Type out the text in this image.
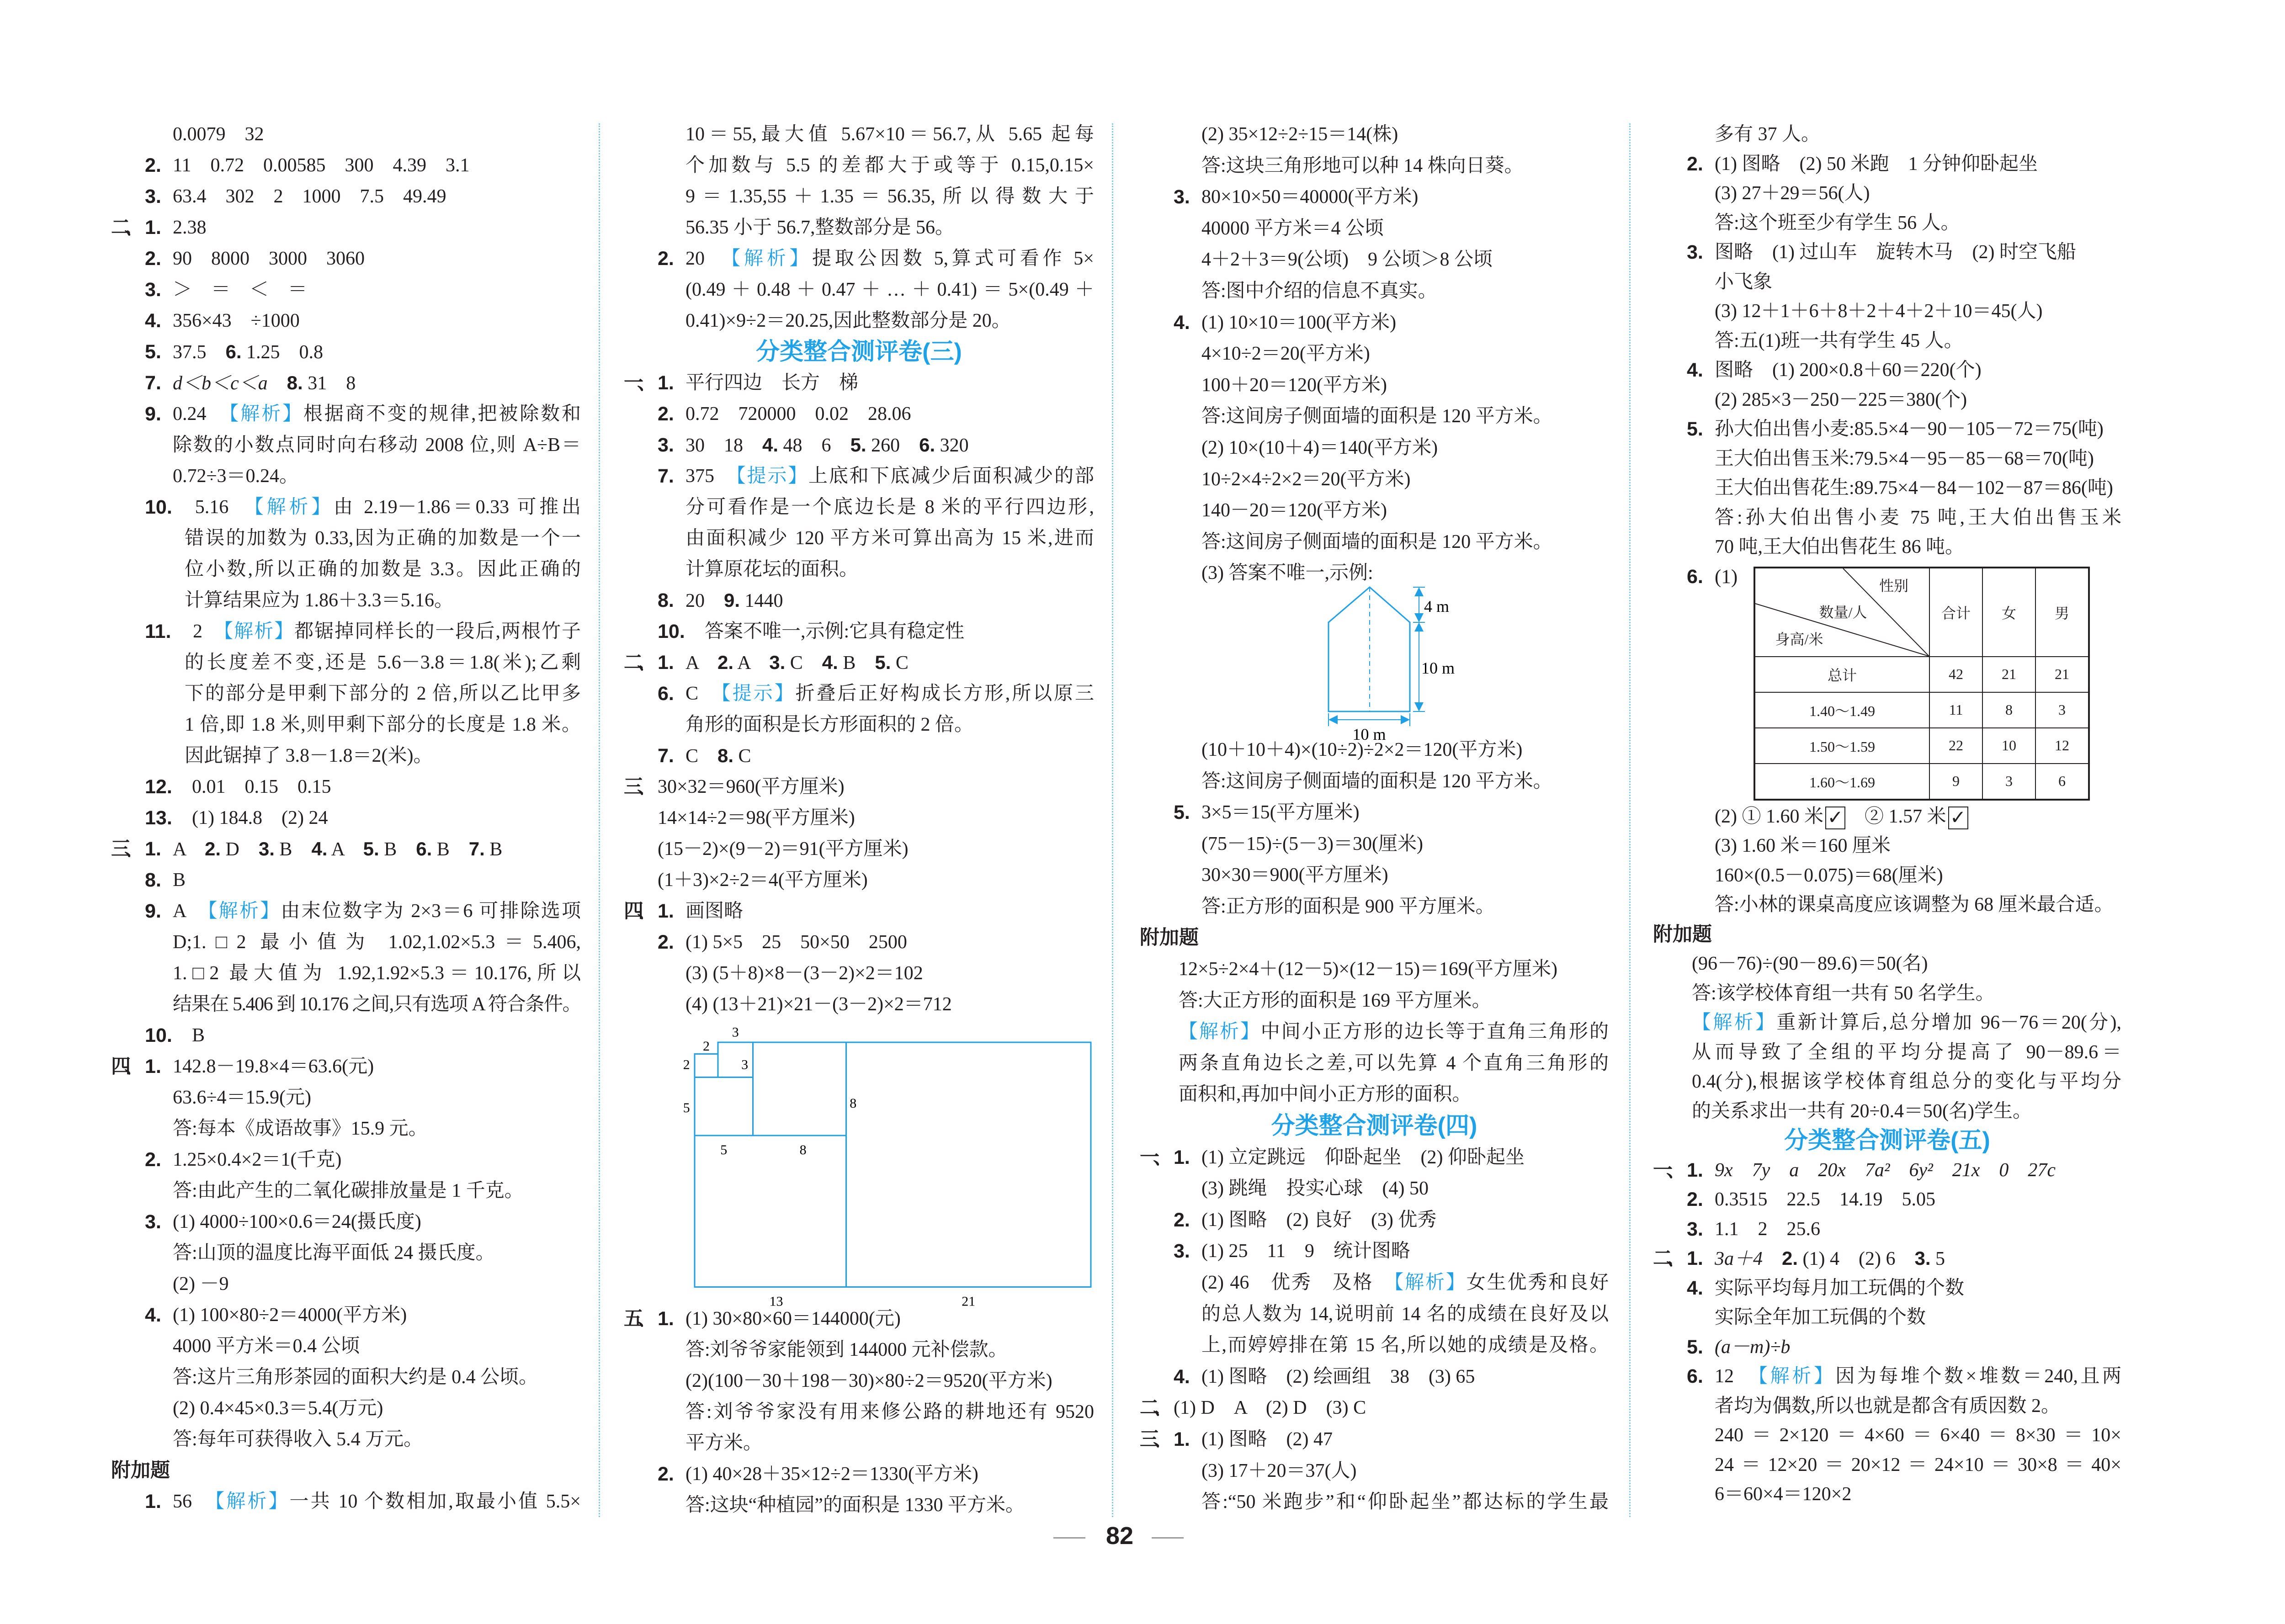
0.0079　32
2. 11　0.72　0.00585　300　4.39　3.1
3. 63.4　302　2　1000　7.5　49.49
二、 1. 2.38
2. 90　8000　3000　3060
3. ＞　＝　＜　＝
4. 356×43　÷1000
5. 37.5　6. 1.25　0.8
7. d＜b＜c＜a　 8. 31　8
9. 0.24　【解析】根据商不变的规律,把被除数和
除数的小数点同时向右移动 2008 位,则 A÷B＝
0.72÷3＝0.24。
10. 　5.16　【解析】由 2.19－1.86＝0.33 可推出
错误的加数为 0.33,因为正确的加数是一个一
位小数,所以正确的加数是 3.3。因此正确的
计算结果应为 1.86＋3.3＝5.16。
11. 　2　【解析】都锯掉同样长的一段后,两根竹子
的长度差不变,还是 5.6－3.8＝1.8(米);乙剩
下的部分是甲剩下部分的 2 倍,所以乙比甲多
1 倍,即 1.8 米,则甲剩下部分的长度是 1.8 米。
因此锯掉了 3.8－1.8＝2(米)。
12. 　0.01　0.15　0.15
13. 　(1) 184.8　(2) 24
三、 1. A　2. D　3. B　4. A　5. B　6. B　7. B
8. B
9. A　【解析】由末位数字为 2×3＝6 可排除选项
D;1.□2 最小值为 1.02,1.02×5.3＝5.406,
1.□2 最大值为 1.92,1.92×5.3＝10.176,所以
结果在 5.406 到 10.176 之间,只有选项 A 符合条件。
10. 　B
四、 1. 142.8－19.8×4＝63.6(元)
63.6÷4＝15.9(元)
答:每本《成语故事》15.9 元。
2. 1.25×0.4×2＝1(千克)
答:由此产生的二氧化碳排放量是 1 千克。
3. (1) 4000÷100×0.6＝24(摄氏度)
答:山顶的温度比海平面低 24 摄氏度。
(2) －9
4. (1) 100×80÷2＝4000(平方米)
4000 平方米＝0.4 公顷
答:这片三角形茶园的面积大约是 0.4 公顷。
(2) 0.4×45×0.3＝5.4(万元)
答:每年可获得收入 5.4 万元。
附加题
1. 56　【解析】一共 10 个数相加,取最小值 5.5×
10＝55,最大值 5.67×10＝56.7,从 5.65 起每
个加数与 5.5 的差都大于或等于 0.15,0.15×
9＝1.35,55＋1.35＝56.35,所以得数大于
56.35 小于 56.7,整数部分是 56。
2. 20　【解析】提取公因数 5,算式可看作 5×
(0.49＋0.48＋0.47＋…＋0.41)＝5×(0.49＋
0.41)×9÷2＝20.25,因此整数部分是 20。
分类整合测评卷(三)
一、 1. 平行四边　长方　梯
2. 0.72　720000　0.02　28.06
3. 30　18　4. 48　6　5. 260　6. 320
7. 375　【提示】上底和下底减少后面积减少的部
分可看作是一个底边长是 8 米的平行四边形,
由面积减少 120 平方米可算出高为 15 米,进而
计算原花坛的面积。
8. 20　9. 1440
10. 　答案不唯一,示例:它具有稳定性
二、 1. A　2. A　3. C　4. B　5. C
6. C　【提示】折叠后正好构成长方形,所以原三
角形的面积是长方形面积的 2 倍。
7. C　8. C
三、 30×32＝960(平方厘米)
14×14÷2＝98(平方厘米)
(15－2)×(9－2)＝91(平方厘米)
(1＋3)×2÷2＝4(平方厘米)
四、 1. 画图略
2. (1) 5×5　25　50×50　2500
(3) (5＋8)×8－(3－2)×2＝102
(4) (13＋21)×21－(3－2)×2＝712
3
2
2	3
5	8
5	8
13	21
五、 1. (1) 30×80×60＝144000(元)
答:刘爷爷家能领到 144000 元补偿款。
(2)(100－30＋198－30)×80÷2＝9520(平方米)
答:刘爷爷家没有用来修公路的耕地还有 9520
平方米。
2. (1) 40×28＋35×12÷2＝1330(平方米)
答:这块“种植园”的面积是 1330 平方米。
(2) 35×12÷2÷15＝14(株)
答:这块三角形地可以种 14 株向日葵。
3. 80×10×50＝40000(平方米)
40000 平方米＝4 公顷
4＋2＋3＝9(公顷)　9 公顷＞8 公顷
答:图中介绍的信息不真实。
4. (1) 10×10＝100(平方米)
4×10÷2＝20(平方米)
100＋20＝120(平方米)
答:这间房子侧面墙的面积是 120 平方米。
(2) 10×(10＋4)＝140(平方米)
10÷2×4÷2×2＝20(平方米)
140－20＝120(平方米)
答:这间房子侧面墙的面积是 120 平方米。
(3) 答案不唯一,示例:
4 m
10 m
10 m
(10＋10＋4)×(10÷2)÷2×2＝120(平方米)
答:这间房子侧面墙的面积是 120 平方米。
5. 3×5＝15(平方厘米)
(75－15)÷(5－3)＝30(厘米)
30×30＝900(平方厘米)
答:正方形的面积是 900 平方厘米。
附加题
12×5÷2×4＋(12－5)×(12－15)＝169(平方厘米)
答:大正方形的面积是 169 平方厘米。
【解析】中间小正方形的边长等于直角三角形的
两条直角边长之差,可以先算 4 个直角三角形的
面积和,再加中间小正方形的面积。
分类整合测评卷(四)
一、 1. (1) 立定跳远　仰卧起坐　(2) 仰卧起坐
(3) 跳绳　投实心球　(4) 50
2. (1) 图略　(2) 良好　(3) 优秀
3. (1) 25　11　9　统计图略
(2) 46　优秀　及格　【解析】女生优秀和良好
的总人数为 14,说明前 14 名的成绩在良好及以
上,而婷婷排在第 15 名,所以她的成绩是及格。
4. (1) 图略　(2) 绘画组　38　(3) 65
二、 (1) D　A　(2) D　(3) C
三、 1. (1) 图略　(2) 47
(3) 17＋20＝37(人)
答:“50 米跑步”和“仰卧起坐”都达标的学生最
多有 37 人。
2. (1) 图略　(2) 50 米跑　1 分钟仰卧起坐
(3) 27＋29＝56(人)
答:这个班至少有学生 56 人。
3. 图略　(1) 过山车　旋转木马　(2) 时空飞船
小飞象
(3) 12＋1＋6＋8＋2＋4＋2＋10＝45(人)
答:五(1)班一共有学生 45 人。
4. 图略　(1) 200×0.8＋60＝220(个)
(2) 285×3－250－225＝380(个)
5. 孙大伯出售小麦:85.5×4－90－105－72＝75(吨)
王大伯出售玉米:79.5×4－95－85－68＝70(吨)
王大伯出售花生:89.75×4－84－102－87＝86(吨)
答:孙大伯出售小麦 75 吨,王大伯出售玉米
70 吨,王大伯出售花生 86 吨。
6. (1)	性别
数量/人
身高/米	合计	女	男
总计	42	21	21
1.40～1.49	11	8	3
1.50～1.59	22	10	12
1.60～1.69	9	3	6
(2) ① 1.60 米 ✓　② 1.57 米 ✓
(3) 1.60 米＝160 厘米
160×(0.5－0.075)＝68(厘米)
答:小林的课桌高度应该调整为 68 厘米最合适。
附加题
(96－76)÷(90－89.6)＝50(名)
答:该学校体育组一共有 50 名学生。
【解析】重新计算后,总分增加 96－76＝20(分),
从而导致了全组的平均分提高了 90－89.6＝
0.4(分),根据该学校体育组总分的变化与平均分
的关系求出一共有 20÷0.4＝50(名)学生。
分类整合测评卷(五)
一、 1. 9x　7y　a　20x　7a²　6y²　21x　0　27c
2. 0.3515　22.5　14.19　5.05
3. 1.1　2　25.6
二、 1. 3a＋4　2. (1) 4　(2) 6　3. 5
4. 实际平均每月加工玩偶的个数
实际全年加工玩偶的个数
5. (a－m)÷b
6. 12　【解析】因为每堆个数×堆数＝240,且两
者均为偶数,所以也就是都含有质因数 2。
240＝2×120＝4×60＝6×40＝8×30＝10×
24＝12×20＝20×12＝24×10＝30×8＝40×
6＝60×4＝120×2
82
